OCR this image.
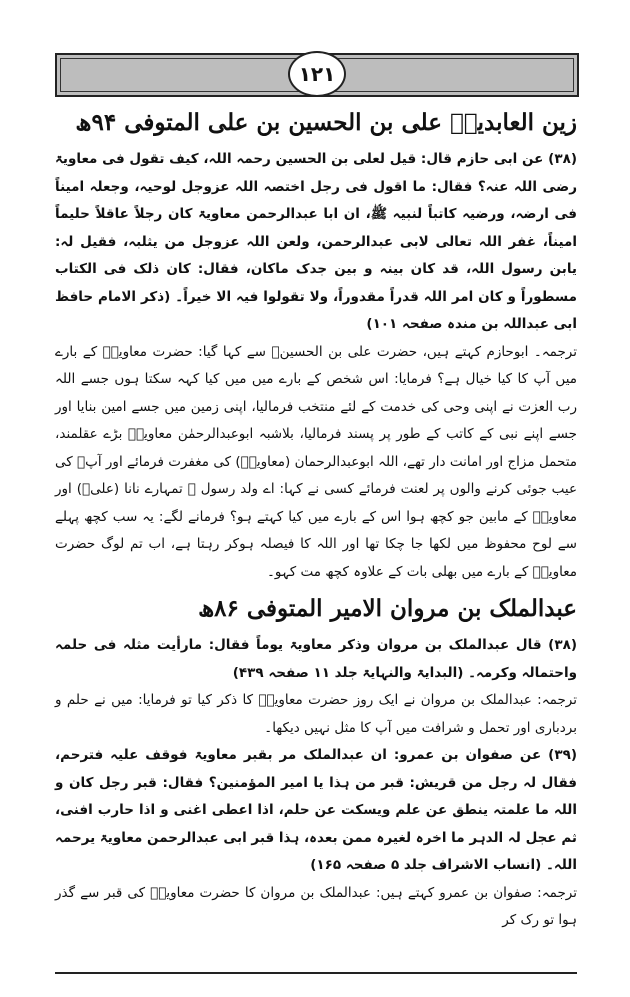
۱۲۱
زین العابدینؒ علی بن الحسین بن علی المتوفی ۹۴ھ

(۳۸) عن ابی حازم قال: قیل لعلی بن الحسین رحمہ اللہ، کیف تقول فی معاویۃ رضی اللہ عنہ؟ فقال: ما اقول فی رجل اختصہ اللہ عزوجل لوحیہ، وجعلہ امیناً فی ارضہ، ورضیہ کاتباً لنبیہ ﷺ، ان ابا عبدالرحمن معاویۃ کان رجلاً عاقلاً حلیماً امیناً، غفر اللہ تعالی لابی عبدالرحمن، ولعن اللہ عزوجل من یثلبہ، فقیل لہ: یابن رسول اللہ، قد کان بینہ و بین جدک ماکان، فقال: کان ذلک فی الکتاب مسطوراً و کان امر اللہ قدراً مقدوراً، ولا تقولوا فیہ الا خیراً۔ (ذکر الامام حافظ ابی عبداللہ بن مندہ صفحہ ۱۰۱)

ترجمہ۔ ابوحازم کہتے ہیں، حضرت علی بن الحسینؒ سے کہا گیا: حضرت معاویہؓ کے بارے میں آپ کا کیا خیال ہے؟ فرمایا: اس شخص کے بارے میں میں کیا کہہ سکتا ہوں جسے اللہ رب العزت نے اپنی وحی کی خدمت کے لئے منتخب فرمالیا، اپنی زمین میں جسے امین بنایا اور جسے اپنے نبی کے کاتب کے طور پر پسند فرمالیا، بلاشبہ ابوعبدالرحمٰن معاویہؓ بڑے عقلمند، متحمل مزاج اور امانت دار تھے، اللہ ابوعبدالرحمان (معاویہؓ) کی مغفرت فرمائے اور آپؓ کی عیب جوئی کرنے والوں پر لعنت فرمائے کسی نے کہا: اے ولد رسول ﷺ تمہارے نانا (علیؓ) اور معاویہؓ کے مابین جو کچھ ہوا اس کے بارے میں کیا کہتے ہو؟ فرمانے لگے: یہ سب کچھ پہلے سے لوح محفوظ میں لکھا جا چکا تھا اور اللہ کا فیصلہ ہوکر رہتا ہے، اب تم لوگ حضرت معاویہؓ کے بارے میں بھلی بات کے علاوہ کچھ مت کہو۔

عبدالملک بن مروان الامیر المتوفی ۸۶ھ

(۳۸) قال عبدالملک بن مروان وذکر معاویۃ یوماً فقال: مارأیت مثلہ فی حلمہ واحتمالہ وکرمہ۔ (البدایۃ والنہایۃ جلد ۱۱ صفحہ ۴۳۹)

ترجمہ: عبدالملک بن مروان نے ایک روز حضرت معاویہؓ کا ذکر کیا تو فرمایا: میں نے حلم و بردباری اور تحمل و شرافت میں آپ کا مثل نہیں دیکھا۔

(۳۹) عن صفوان بن عمرو: ان عبدالملک مر بقبر معاویۃ فوقف علیہ فترحم، فقال لہ رجل من قریش: قبر من ہذا یا امیر المؤمنین؟ فقال: قبر رجل کان و اللہ ما علمتہ ینطق عن علم ویسکت عن حلم، اذا اعطی اغنی و اذا حارب افنی، ثم عجل لہ الدہر ما اخرہ لغیرہ ممن بعدہ، ہذا قبر ابی عبدالرحمن معاویۃ یرحمہ اللہ۔ (انساب الاشراف جلد ۵ صفحہ ۱۶۵)

ترجمہ: صفوان بن عمرو کہتے ہیں: عبدالملک بن مروان کا حضرت معاویہؓ کی قبر سے گذر ہوا تو رک کر
